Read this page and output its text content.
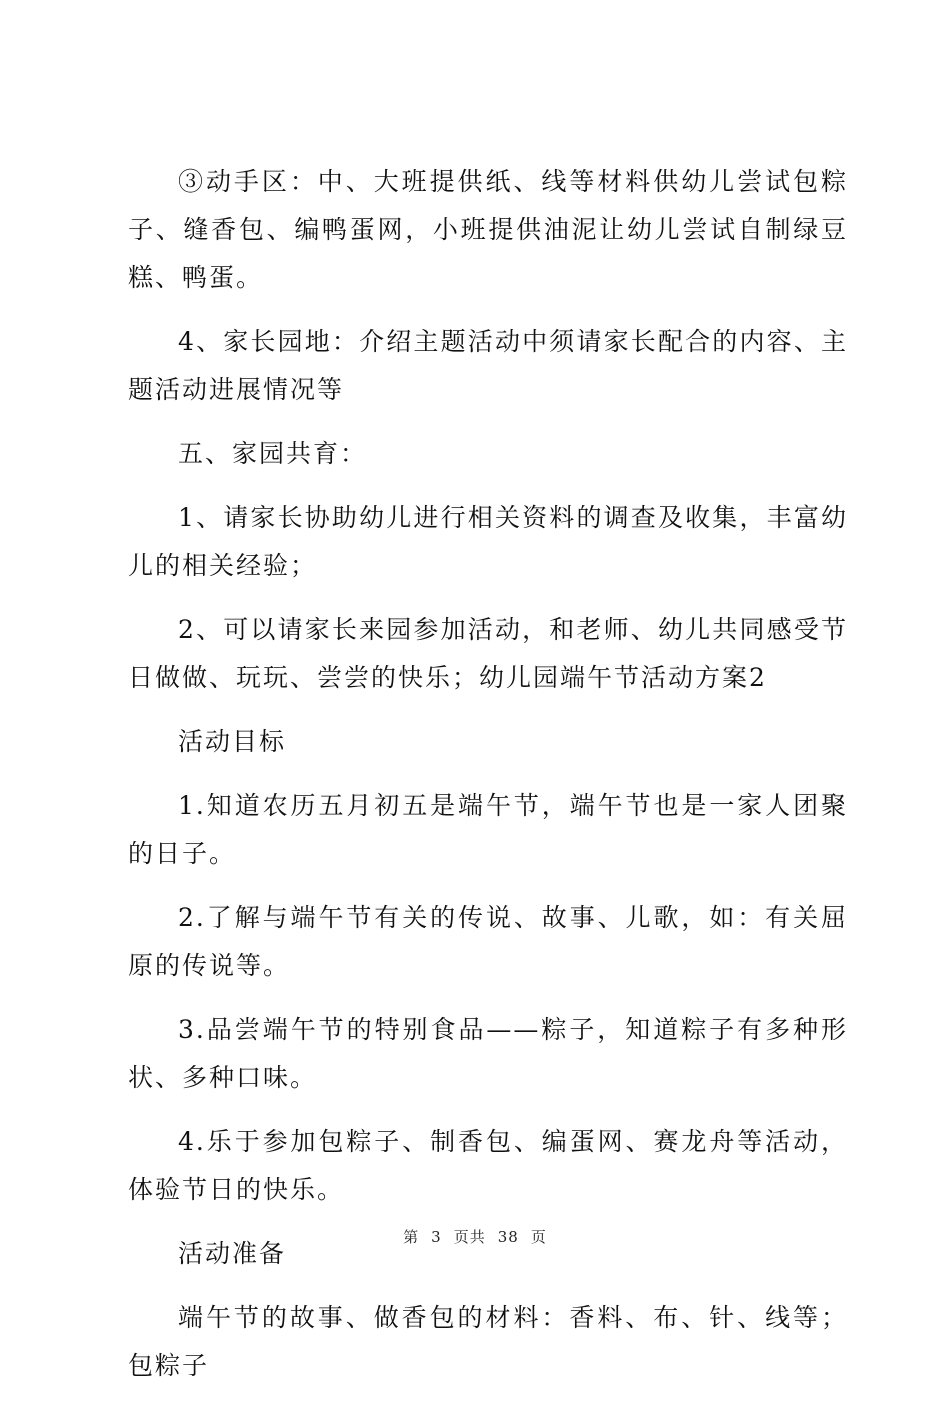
③动手区：中、大班提供纸、线等材料供幼儿尝试包粽子、缝香包、编鸭蛋网，小班提供油泥让幼儿尝试自制绿豆糕、鸭蛋。

4、家长园地：介绍主题活动中须请家长配合的内容、主题活动进展情况等

五、家园共育：

1、请家长协助幼儿进行相关资料的调查及收集，丰富幼儿的相关经验；

2、可以请家长来园参加活动，和老师、幼儿共同感受节日做做、玩玩、尝尝的快乐；幼儿园端午节活动方案2

活动目标

1.知道农历五月初五是端午节，端午节也是一家人团聚的日子。

2.了解与端午节有关的传说、故事、儿歌，如：有关屈原的传说等。

3.品尝端午节的特别食品——粽子，知道粽子有多种形状、多种口味。

4.乐于参加包粽子、制香包、编蛋网、赛龙舟等活动，体验节日的快乐。

活动准备

端午节的故事、做香包的材料：香料、布、针、线等；包粽子

第 3 页共 38 页
